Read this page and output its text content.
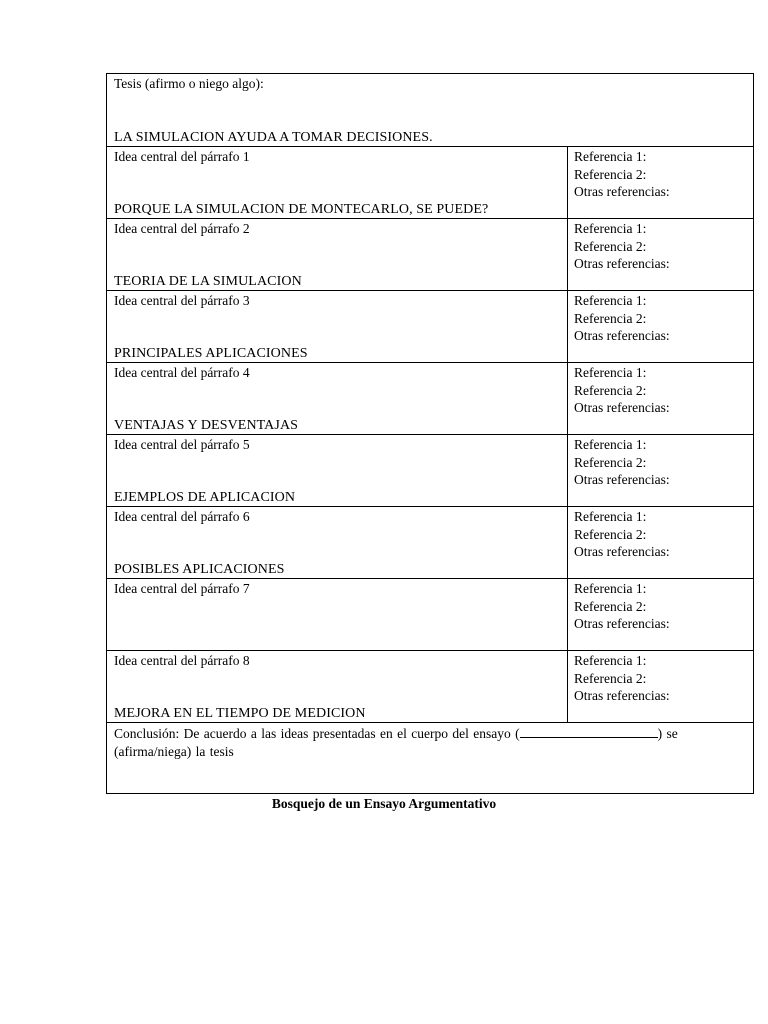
Tesis (afirmo o niego algo):
LA SIMULACION AYUDA A TOMAR DECISIONES.	

Idea central del párrafo 1
PORQUE LA SIMULACION DE MONTECARLO, SE PUEDE?	Referencia 1:
Referencia 2:
Otras referencias:

Idea central del párrafo 2
TEORIA DE LA SIMULACION	Referencia 1:
Referencia 2:
Otras referencias:

Idea central del párrafo 3
PRINCIPALES APLICACIONES	Referencia 1:
Referencia 2:
Otras referencias:

Idea central del párrafo 4
VENTAJAS Y DESVENTAJAS	Referencia 1:
Referencia 2:
Otras referencias:

Idea central del párrafo 5
EJEMPLOS DE APLICACION	Referencia 1:
Referencia 2:
Otras referencias:

Idea central del párrafo 6
POSIBLES APLICACIONES	Referencia 1:
Referencia 2:
Otras referencias:

Idea central del párrafo 7	Referencia 1:
Referencia 2:
Otras referencias:

Idea central del párrafo 8
MEJORA EN EL TIEMPO DE MEDICION	Referencia 1:
Referencia 2:
Otras referencias:

Conclusión: De acuerdo a las ideas presentadas en el cuerpo del ensayo ( ) se (afirma/niega) la tesis	
Bosquejo de un Ensayo Argumentativo
